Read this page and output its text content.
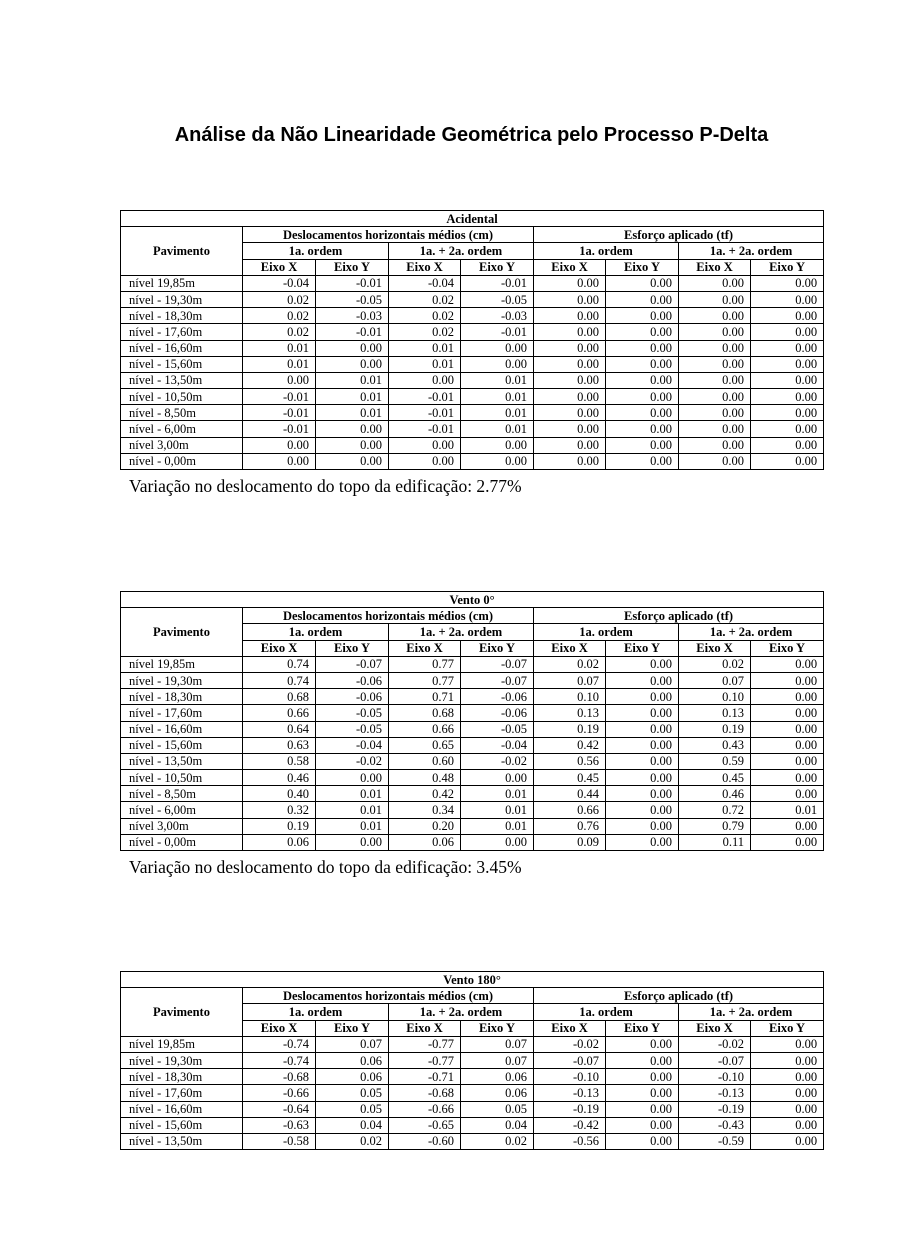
Análise da Não Linearidade Geométrica pelo Processo P-Delta
Acidental								
Pavimento	Deslocamentos horizontais médios (cm)				Esforço aplicado (tf)			
	1a. ordem		1a. + 2a. ordem		1a. ordem		1a. + 2a. ordem	
	Eixo X	Eixo Y	Eixo X	Eixo Y	Eixo X	Eixo Y	Eixo X	Eixo Y
nível 19,85m	-0.04	-0.01	-0.04	-0.01	0.00	0.00	0.00	0.00
nível - 19,30m	0.02	-0.05	0.02	-0.05	0.00	0.00	0.00	0.00
nível - 18,30m	0.02	-0.03	0.02	-0.03	0.00	0.00	0.00	0.00
nível - 17,60m	0.02	-0.01	0.02	-0.01	0.00	0.00	0.00	0.00
nível - 16,60m	0.01	0.00	0.01	0.00	0.00	0.00	0.00	0.00
nível - 15,60m	0.01	0.00	0.01	0.00	0.00	0.00	0.00	0.00
nível - 13,50m	0.00	0.01	0.00	0.01	0.00	0.00	0.00	0.00
nível - 10,50m	-0.01	0.01	-0.01	0.01	0.00	0.00	0.00	0.00
nível - 8,50m	-0.01	0.01	-0.01	0.01	0.00	0.00	0.00	0.00
nível - 6,00m	-0.01	0.00	-0.01	0.01	0.00	0.00	0.00	0.00
nível 3,00m	0.00	0.00	0.00	0.00	0.00	0.00	0.00	0.00
nível - 0,00m	0.00	0.00	0.00	0.00	0.00	0.00	0.00	0.00
Variação no deslocamento do topo da edificação: 2.77%
Vento 0°								
Pavimento	Deslocamentos horizontais médios (cm)				Esforço aplicado (tf)			
	1a. ordem		1a. + 2a. ordem		1a. ordem		1a. + 2a. ordem	
	Eixo X	Eixo Y	Eixo X	Eixo Y	Eixo X	Eixo Y	Eixo X	Eixo Y
nível 19,85m	0.74	-0.07	0.77	-0.07	0.02	0.00	0.02	0.00
nível - 19,30m	0.74	-0.06	0.77	-0.07	0.07	0.00	0.07	0.00
nível - 18,30m	0.68	-0.06	0.71	-0.06	0.10	0.00	0.10	0.00
nível - 17,60m	0.66	-0.05	0.68	-0.06	0.13	0.00	0.13	0.00
nível - 16,60m	0.64	-0.05	0.66	-0.05	0.19	0.00	0.19	0.00
nível - 15,60m	0.63	-0.04	0.65	-0.04	0.42	0.00	0.43	0.00
nível - 13,50m	0.58	-0.02	0.60	-0.02	0.56	0.00	0.59	0.00
nível - 10,50m	0.46	0.00	0.48	0.00	0.45	0.00	0.45	0.00
nível - 8,50m	0.40	0.01	0.42	0.01	0.44	0.00	0.46	0.00
nível - 6,00m	0.32	0.01	0.34	0.01	0.66	0.00	0.72	0.01
nível 3,00m	0.19	0.01	0.20	0.01	0.76	0.00	0.79	0.00
nível - 0,00m	0.06	0.00	0.06	0.00	0.09	0.00	0.11	0.00
Variação no deslocamento do topo da edificação: 3.45%
Vento 180°								
Pavimento	Deslocamentos horizontais médios (cm)				Esforço aplicado (tf)			
	1a. ordem		1a. + 2a. ordem		1a. ordem		1a. + 2a. ordem	
	Eixo X	Eixo Y	Eixo X	Eixo Y	Eixo X	Eixo Y	Eixo X	Eixo Y
nível 19,85m	-0.74	0.07	-0.77	0.07	-0.02	0.00	-0.02	0.00
nível - 19,30m	-0.74	0.06	-0.77	0.07	-0.07	0.00	-0.07	0.00
nível - 18,30m	-0.68	0.06	-0.71	0.06	-0.10	0.00	-0.10	0.00
nível - 17,60m	-0.66	0.05	-0.68	0.06	-0.13	0.00	-0.13	0.00
nível - 16,60m	-0.64	0.05	-0.66	0.05	-0.19	0.00	-0.19	0.00
nível - 15,60m	-0.63	0.04	-0.65	0.04	-0.42	0.00	-0.43	0.00
nível - 13,50m	-0.58	0.02	-0.60	0.02	-0.56	0.00	-0.59	0.00
